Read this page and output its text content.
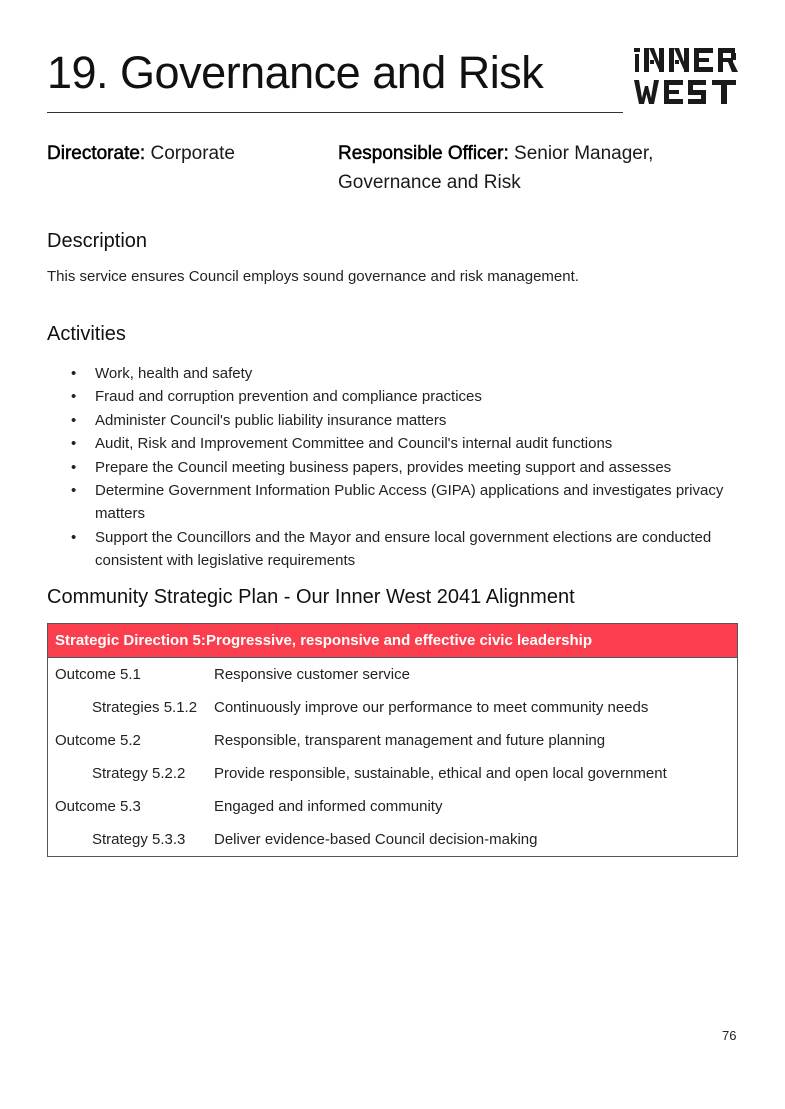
19. Governance and Risk
Directorate: Corporate	Responsible Officer: Senior Manager,
Governance and Risk
Description

This service ensures Council employs sound governance and risk management.

Activities
• Work, health and safety
• Fraud and corruption prevention and compliance practices
• Administer Council's public liability insurance matters
• Audit, Risk and Improvement Committee and Council's internal audit functions
• Prepare the Council meeting business papers, provides meeting support and assesses
• Determine Government Information Public Access (GIPA) applications and investigates privacy matters
• Support the Councillors and the Mayor and ensure local government elections are conducted consistent with legislative requirements
Community Strategic Plan - Our Inner West 2041 Alignment
Strategic Direction 5: Progressive, responsive and effective civic leadership
Outcome 5.1	Responsive customer service
Strategies 5.1.2	Continuously improve our performance to meet community needs
Outcome 5.2	Responsible, transparent management and future planning
Strategy 5.2.2	Provide responsible, sustainable, ethical and open local government
Outcome 5.3	Engaged and informed community
Strategy 5.3.3	Deliver evidence-based Council decision-making
76
